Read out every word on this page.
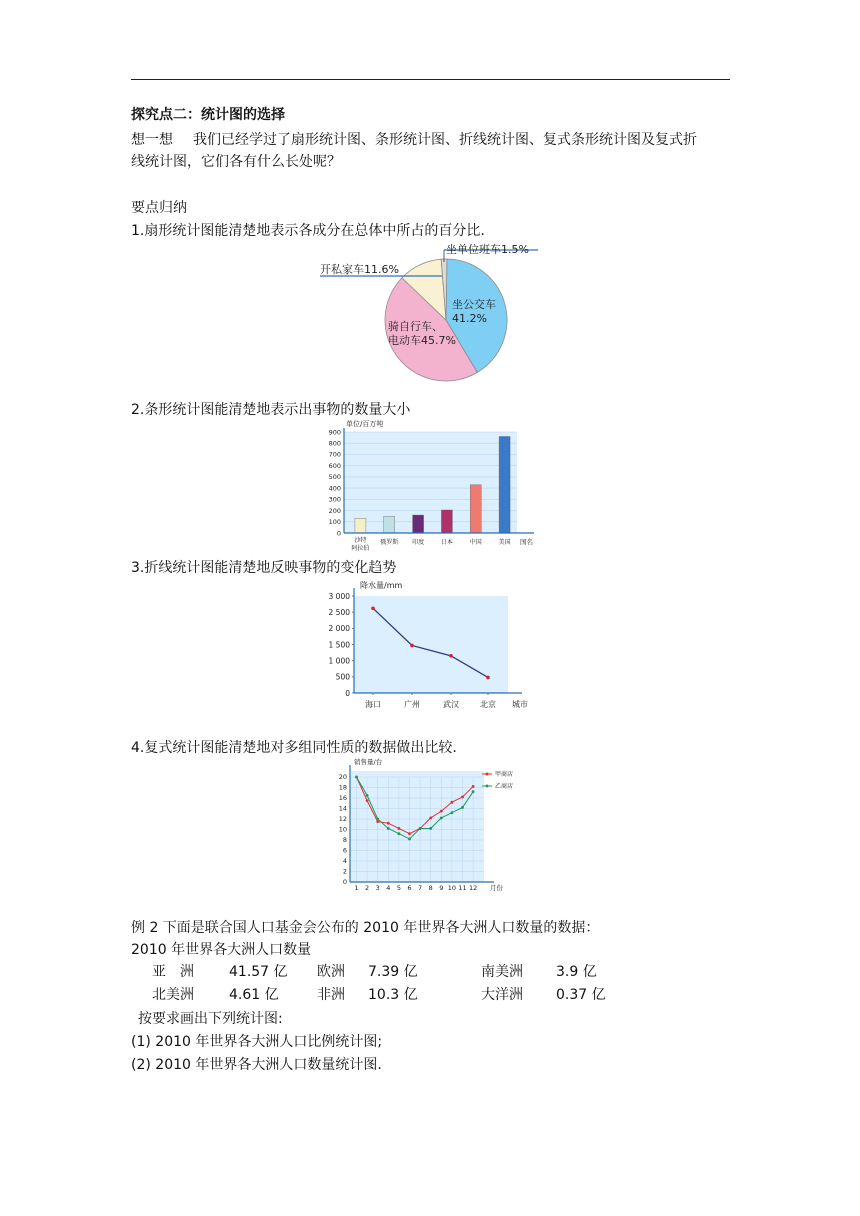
探究点二：统计图的选择
想一想 我们已经学过了扇形统计图、条形统计图、折线统计图、复式条形统计图及复式折
线统计图，它们各有什么长处呢？
要点归纳
1.扇形统计图能清楚地表示各成分在总体中所占的百分比.
坐单位班车1.5%
开私家车11.6%
坐公交车
41.2%
骑自行车、
电动车45.7%
2.条形统计图能清楚地表示出事物的数量大小
单位/百万吨
0
100
200
300
400
500
600
700
800
900
沙特
阿拉伯
俄罗斯 印度	日本	中国	美国 国名
3.折线统计图能清楚地反映事物的变化趋势
降水量/mm
0
500
1 000
1 500
2 000
2 500
3 000
海口	广州	武汉	北京 城市
4.复式统计图能清楚地对多组同性质的数据做出比较.
销售量/台
0
2
4
6
8
10
12
14
16
18
20
1 2 3 4 5 6 7 8 9 10 11 12 月份
甲商店
乙商店
例 2 下面是联合国人口基金会公布的 2010 年世界各大洲人口数量的数据：
2010 年世界各大洲人口数量
亚　洲	41.57 亿 欧洲 7.39 亿	南美洲 3.9 亿
北美洲	4.61 亿	非洲 10.3 亿	大洋洲 0.37 亿
按要求画出下列统计图:
(1) 2010 年世界各大洲人口比例统计图;
(2) 2010 年世界各大洲人口数量统计图.
